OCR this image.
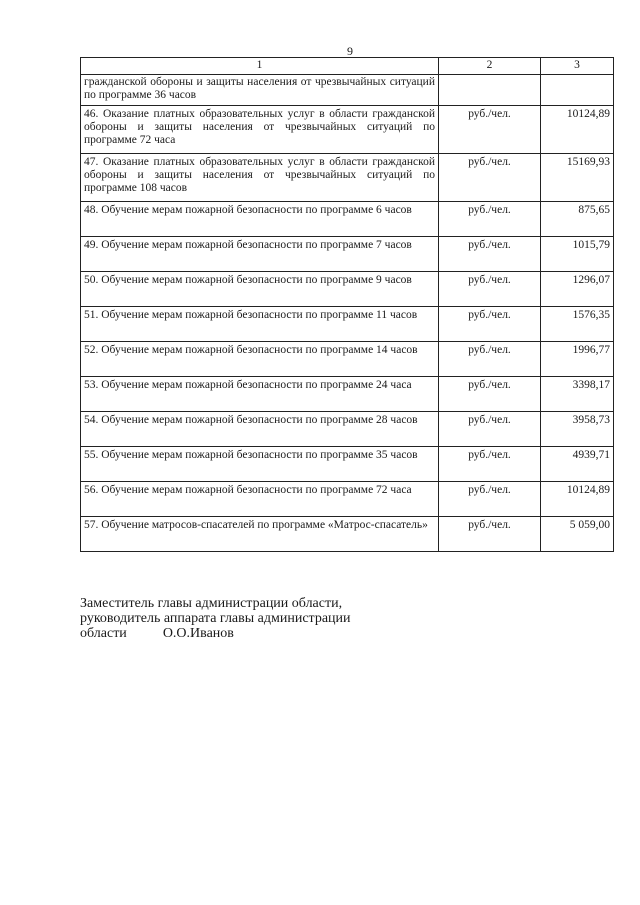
9
1	2	3
гражданской обороны и защиты населения от чрезвычайных ситуаций по программе 36 часов		
46. Оказание платных образовательных услуг в области гражданской обороны и защиты населения от чрезвычайных ситуаций по программе 72 часа	руб./чел.	10124,89
47. Оказание платных образовательных услуг в области гражданской обороны и защиты населения от чрезвычайных ситуаций по программе 108 часов	руб./чел.	15169,93
48. Обучение мерам пожарной безопасности по программе 6 часов	руб./чел.	875,65
49. Обучение мерам пожарной безопасности по программе 7 часов	руб./чел.	1015,79
50. Обучение мерам пожарной безопасности по программе 9 часов	руб./чел.	1296,07
51. Обучение мерам пожарной безопасности по программе 11 часов	руб./чел.	1576,35
52. Обучение мерам пожарной безопасности по программе 14 часов	руб./чел.	1996,77
53. Обучение мерам пожарной безопасности по программе 24 часа	руб./чел.	3398,17
54. Обучение мерам пожарной безопасности по программе 28 часов	руб./чел.	3958,73
55. Обучение мерам пожарной безопасности по программе 35 часов	руб./чел.	4939,71
56. Обучение мерам пожарной безопасности по программе 72 часа	руб./чел.	10124,89
57. Обучение матросов-спасателей по программе «Матрос-спасатель»	руб./чел.	5 059,00
Заместитель главы администрации области,
руководитель аппарата главы администрации
области	О.О.Иванов
